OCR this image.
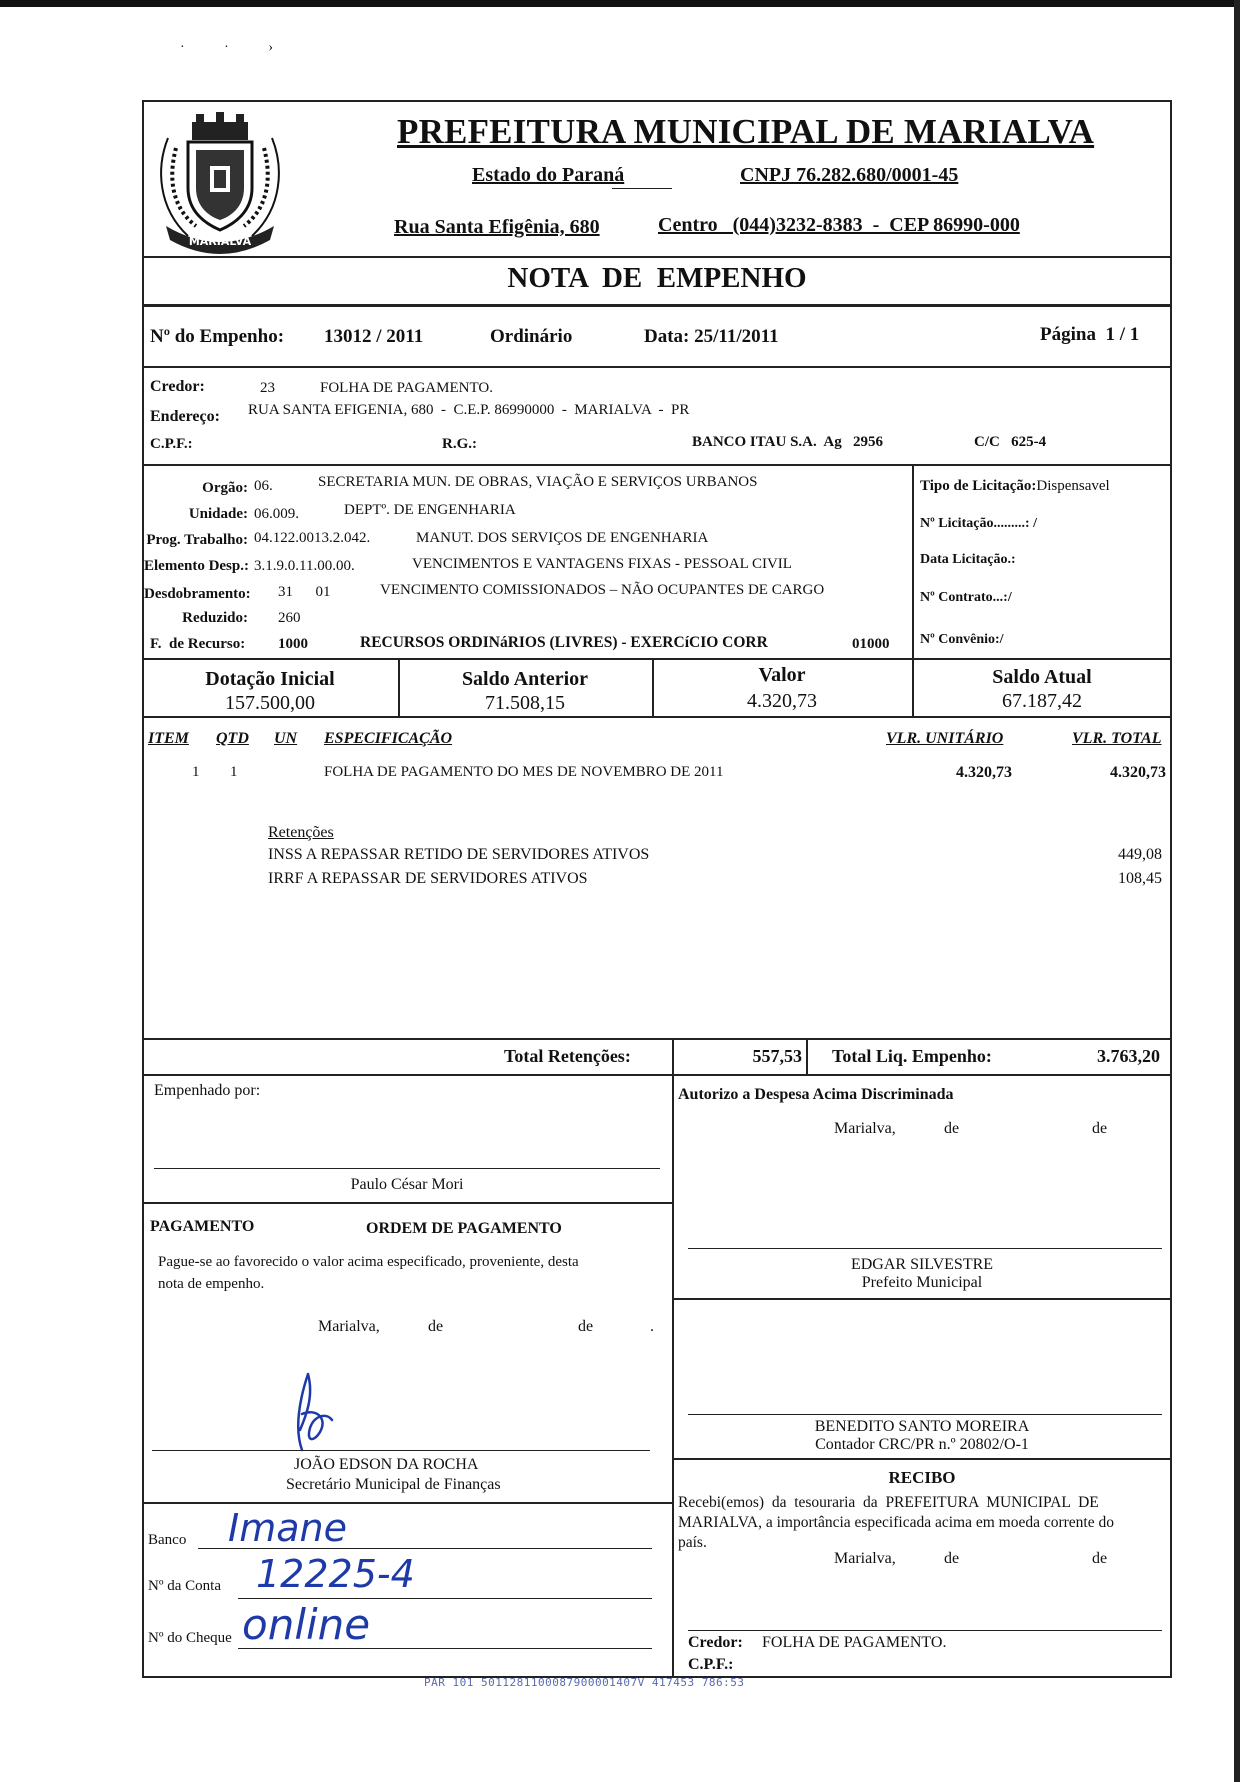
· · ›
MARIALVA
PREFEITURA MUNICIPAL DE MARIALVA
Estado do Paraná	CNPJ 76.282.680/0001-45
Rua Santa Efigênia, 680	Centro   (044)3232-8383  -  CEP 86990-000
NOTA  DE  EMPENHO
Nº do Empenho: 13012 / 2011	Ordinário	Data: 25/11/2011	Página  1 / 1
Credor:	23	FOLHA DE PAGAMENTO.
Endereço: RUA SANTA EFIGENIA, 680  -  C.E.P. 86990000  -  MARIALVA  -  PR
C.P.F.:	R.G.:	BANCO ITAU S.A.  Ag   2956	C/C   625-4
Orgão: 06.	SECRETARIA MUN. DE OBRAS, VIAÇÃO E SERVIÇOS URBANOS
Unidade: 06.009.	DEPTº. DE ENGENHARIA
Prog. Trabalho: 04.122.0013.2.042.	MANUT. DOS SERVIÇOS DE ENGENHARIA
Elemento Desp.: 3.1.9.0.11.00.00.	VENCIMENTOS E VANTAGENS FIXAS - PESSOAL CIVIL
Desdobramento: 31      01	VENCIMENTO COMISSIONADOS – NÃO OCUPANTES DE CARGO
Reduzido: 260
F.  de Recurso: 1000	RECURSOS ORDINáRIOS (LIVRES) - EXERCíCIO CORR	01000
Tipo de Licitação:Dispensavel
Nº Licitação.........: /
Data Licitação.:
Nº Contrato...:/
Nº Convênio:/
Dotação Inicial
157.500,00
Saldo Anterior
71.508,15
Valor
4.320,73
Saldo Atual
67.187,42
ITEM QTD UN ESPECIFICAÇÃO	VLR. UNITÁRIO	VLR. TOTAL
1 1	FOLHA DE PAGAMENTO DO MES DE NOVEMBRO DE 2011	4.320,73	4.320,73
Retenções
INSS A REPASSAR RETIDO DE SERVIDORES ATIVOS	449,08
IRRF A REPASSAR DE SERVIDORES ATIVOS	108,45
Total Retenções:	557,53 Total Liq. Empenho:	3.763,20
Empenhado por:
Paulo César Mori
Autorizo a Despesa Acima Discriminada
Marialva,	de	de
EDGAR SILVESTRE
Prefeito Municipal
PAGAMENTO	ORDEM DE PAGAMENTO
Pague-se ao favorecido o valor acima especificado, proveniente, desta
nota de empenho.
Marialva,	de	de	.
JOÃO EDSON DA ROCHA
Secretário Municipal de Finanças
BENEDITO SANTO MOREIRA
Contador CRC/PR n.º 20802/O-1
RECIBO
Recebi(emos)  da  tesouraria  da  PREFEITURA  MUNICIPAL  DE
MARIALVA, a importância especificada acima em moeda corrente do
país.
Marialva,	de	de
Credor: FOLHA DE PAGAMENTO.
C.P.F.:
Banco Imane
Nº da Conta 12225-4
Nº do Cheque online
PAR 101 5011281100087900001407V 417453 786:53
